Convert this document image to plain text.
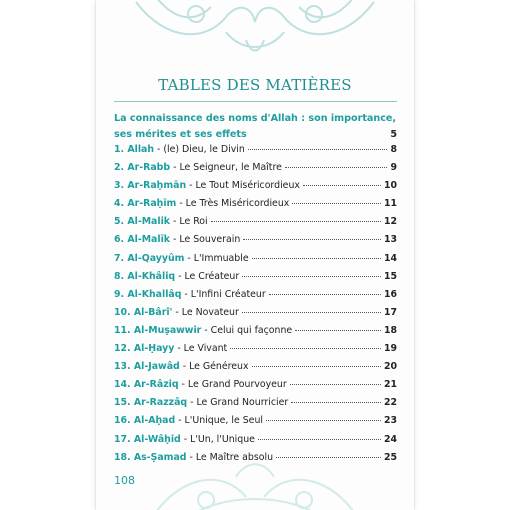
TABLES DES MATIÈRES
La connaissance des noms d'Allah : son importance, ses mérites et ses effets	5
1. Allah - (le) Dieu, le Divin	8
2. Ar-Rabb - Le Seigneur, le Maître	9
3. Ar-Raḥmān - Le Tout Miséricordieux	10
4. Ar-Raḥīm - Le Très Miséricordieux	11
5. Al-Malik - Le Roi	12
6. Al-Malīk - Le Souverain	13
7. Al-Qayyûm - L'Immuable	14
8. Al-Khâliq - Le Créateur	15
9. Al-Khallâq - L'Infini Créateur	16
10. Al-Bârî' - Le Novateur	17
11. Al-Muṣawwir - Celui qui façonne	18
12. Al-Ḥayy - Le Vivant	19
13. Al-Jawâd - Le Généreux	20
14. Ar-Râziq - Le Grand Pourvoyeur	21
15. Ar-Razzâq - Le Grand Nourricier	22
16. Al-Aḥad - L'Unique, le Seul	23
17. Al-Wâḥid - L'Un, l'Unique	24
18. As-Ṣamad - Le Maître absolu	25
108
